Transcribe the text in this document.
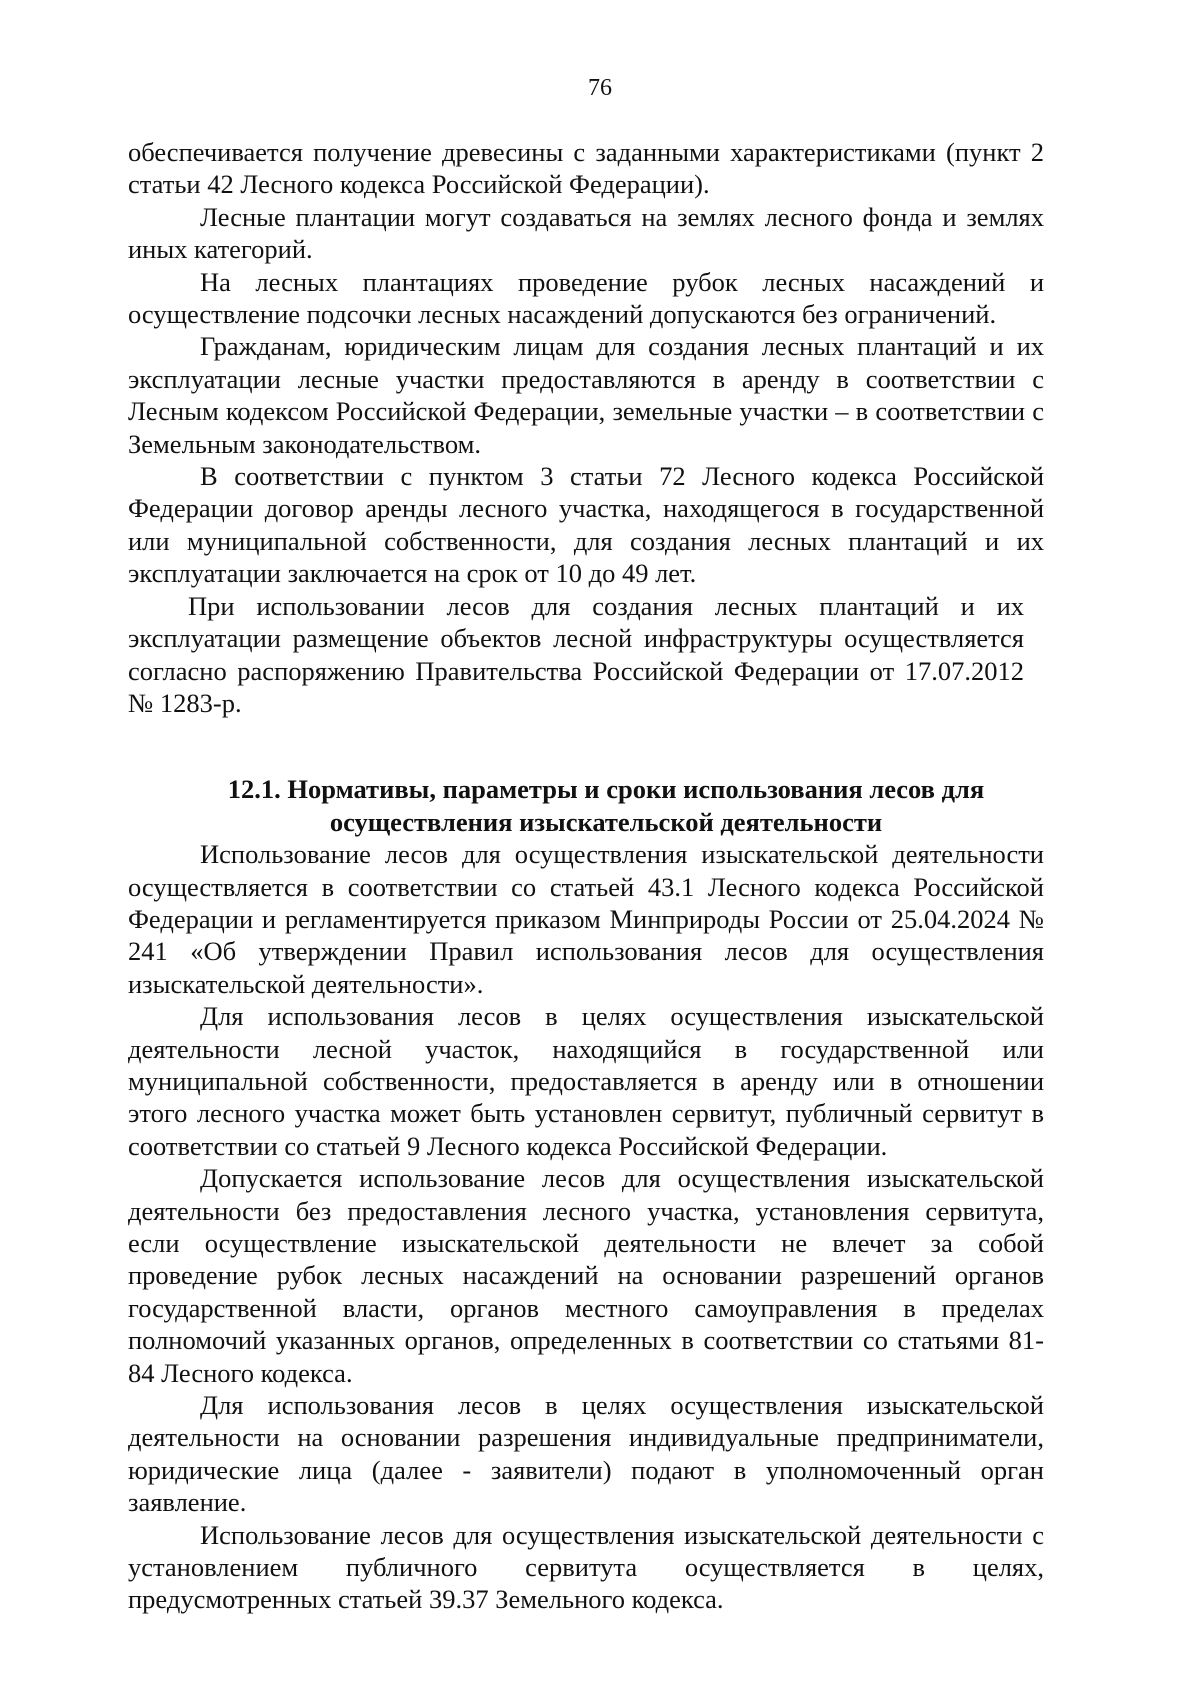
76

обеспечивается получение древесины с заданными характеристиками (пункт 2 статьи 42 Лесного кодекса Российской Федерации).

Лесные плантации могут создаваться на землях лесного фонда и землях иных категорий.

На лесных плантациях проведение рубок лесных насаждений и осуществление подсочки лесных насаждений допускаются без ограничений.

Гражданам, юридическим лицам для создания лесных плантаций и их эксплуатации лесные участки предоставляются в аренду в соответствии с Лесным кодексом Российской Федерации, земельные участки – в соответствии с Земельным законодательством.

В соответствии с пунктом 3 статьи 72 Лесного кодекса Российской Федерации договор аренды лесного участка, находящегося в государственной или муниципальной собственности, для создания лесных плантаций и их эксплуатации заключается на срок от 10 до 49 лет.

При использовании лесов для создания лесных плантаций и их эксплуатации размещение объектов лесной инфраструктуры осуществляется согласно распоряжению Правительства Российской Федерации от 17.07.2012 № 1283-р.

12.1. Нормативы, параметры и сроки использования лесов для
осуществления изыскательской деятельности

Использование лесов для осуществления изыскательской деятельности осуществляется в соответствии со статьей 43.1 Лесного кодекса Российской Федерации и регламентируется приказом Минприроды России от 25.04.2024 № 241 «Об утверждении Правил использования лесов для осуществления изыскательской деятельности».

Для использования лесов в целях осуществления изыскательской деятельности лесной участок, находящийся в государственной или муниципальной собственности, предоставляется в аренду или в отношении этого лесного участка может быть установлен сервитут, публичный сервитут в соответствии со статьей 9 Лесного кодекса Российской Федерации.

Допускается использование лесов для осуществления изыскательской деятельности без предоставления лесного участка, установления сервитута, если осуществление изыскательской деятельности не влечет за собой проведение рубок лесных насаждений на основании разрешений органов государственной власти, органов местного самоуправления в пределах полномочий указанных органов, определенных в соответствии со статьями 81-84 Лесного кодекса.

Для использования лесов в целях осуществления изыскательской деятельности на основании разрешения индивидуальные предприниматели, юридические лица (далее - заявители) подают в уполномоченный орган заявление.

Использование лесов для осуществления изыскательской деятельности с установлением публичного сервитута осуществляется в целях, предусмотренных статьей 39.37 Земельного кодекса.
